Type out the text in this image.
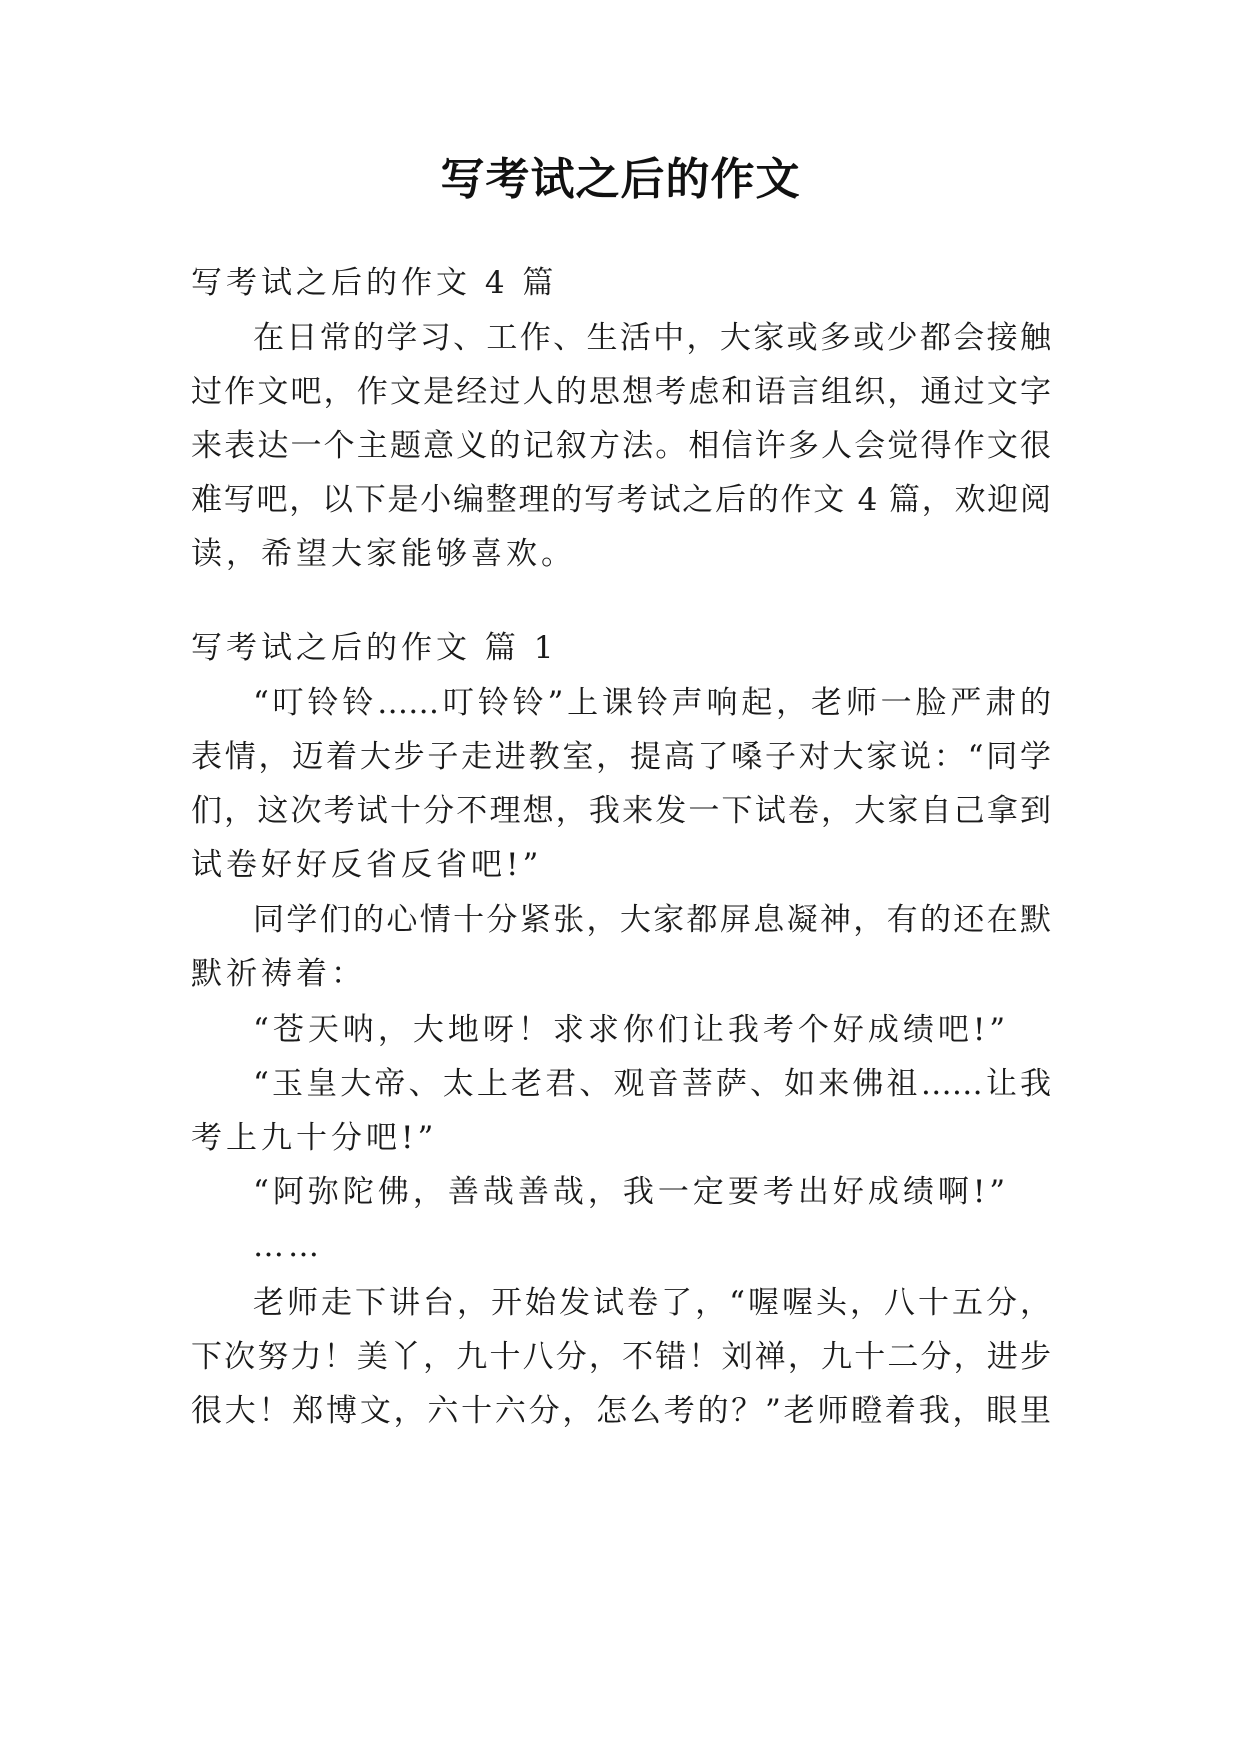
写考试之后的作文
写考试之后的作文 4 篇
在日常的学习、工作、生活中，大家或多或少都会接触
过作文吧，作文是经过人的思想考虑和语言组织，通过文字
来表达一个主题意义的记叙方法。相信许多人会觉得作文很
难写吧，以下是小编整理的写考试之后的作文 4 篇，欢迎阅
读，希望大家能够喜欢。
写考试之后的作文 篇 1
“叮铃铃……叮铃铃”上课铃声响起，老师一脸严肃的
表情，迈着大步子走进教室，提高了嗓子对大家说：“同学
们，这次考试十分不理想，我来发一下试卷，大家自己拿到
试卷好好反省反省吧!”
同学们的心情十分紧张，大家都屏息凝神，有的还在默
默祈祷着：
“苍天呐，大地呀！求求你们让我考个好成绩吧!”
“玉皇大帝、太上老君、观音菩萨、如来佛祖……让我
考上九十分吧!”
“阿弥陀佛，善哉善哉，我一定要考出好成绩啊!”
……
老师走下讲台，开始发试卷了，“喔喔头，八十五分，
下次努力！美丫，九十八分，不错！刘禅，九十二分，进步
很大！郑博文，六十六分，怎么考的？”老师瞪着我，眼里
